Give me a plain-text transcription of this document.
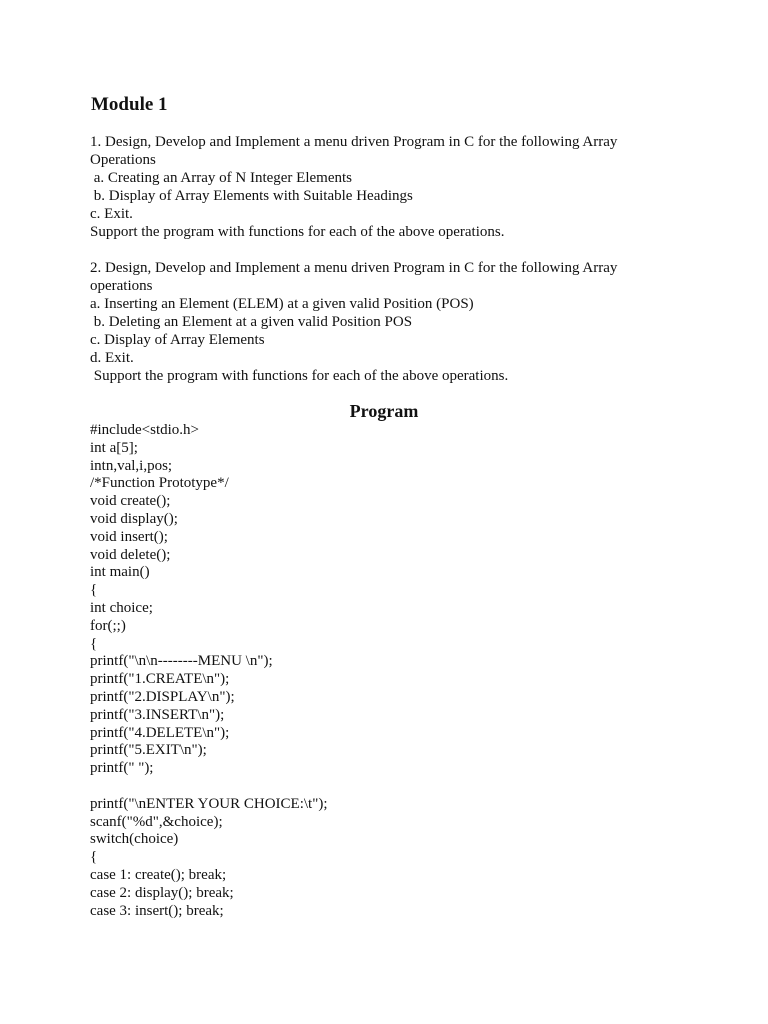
Module 1
1. Design, Develop and Implement a menu driven Program in C for the following Array
Operations
a. Creating an Array of N Integer Elements
b. Display of Array Elements with Suitable Headings
c. Exit.
Support the program with functions for each of the above operations.
2. Design, Develop and Implement a menu driven Program in C for the following Array
operations
a. Inserting an Element (ELEM) at a given valid Position (POS)
b. Deleting an Element at a given valid Position POS
c. Display of Array Elements
d. Exit.
Support the program with functions for each of the above operations.
Program
#include<stdio.h>
int a[5];
intn,val,i,pos;
/*Function Prototype*/
void create();
void display();
void insert();
void delete();
int main()
{
int choice;
for(;;)
{
printf("\n\n--------MENU \n");
printf("1.CREATE\n");
printf("2.DISPLAY\n");
printf("3.INSERT\n");
printf("4.DELETE\n");
printf("5.EXIT\n");
printf(" ");
printf("\nENTER YOUR CHOICE:\t");
scanf("%d",&choice);
switch(choice)
{
case 1: create(); break;
case 2: display(); break;
case 3: insert(); break;
